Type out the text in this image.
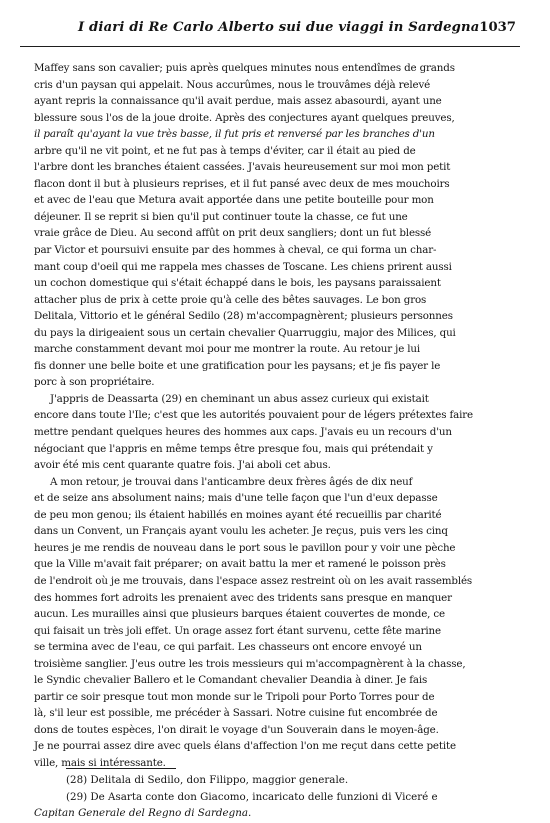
I diari di Re Carlo Alberto sui due viaggi in Sardegna 1037
Maffey sans son cavalier; puis après quelques minutes nous entendîmes de grands
cris d'un paysan qui appelait. Nous accurûmes, nous le trouvâmes déjà relevé
ayant repris la connaissance qu'il avait perdue, mais assez abasourdi, ayant une
blessure sous l'os de la joue droite. Après des conjectures ayant quelques preuves,
il paraît qu'ayant la vue très basse, il fut pris et renversé par les branches d'un
arbre qu'il ne vit point, et ne fut pas à temps d'éviter, car il était au pied de
l'arbre dont les branches étaient cassées. J'avais heureusement sur moi mon petit
flacon dont il but à plusieurs reprises, et il fut pansé avec deux de mes mouchoirs
et avec de l'eau que Metura avait apportée dans une petite bouteille pour mon
déjeuner. Il se reprit si bien qu'il put continuer toute la chasse, ce fut une
vraie grâce de Dieu. Au second affût on prit deux sangliers; dont un fut blessé
par Victor et poursuivi ensuite par des hommes à cheval, ce qui forma un char-
mant coup d'oeil qui me rappela mes chasses de Toscane. Les chiens prirent aussi
un cochon domestique qui s'était échappé dans le bois, les paysans paraissaient
attacher plus de prix à cette proie qu'à celle des bêtes sauvages. Le bon gros
Delitala, Vittorio et le général Sedilo (28) m'accompagnèrent; plusieurs personnes
du pays la dirigeaient sous un certain chevalier Quarruggiu, major des Milices, qui
marche constamment devant moi pour me montrer la route. Au retour je lui
fis donner une belle boite et une gratification pour les paysans; et je fis payer le
porc à son propriétaire.
J'appris de Deassarta (29) en cheminant un abus assez curieux qui existait
encore dans toute l'Ile; c'est que les autorités pouvaient pour de légers prétextes faire
mettre pendant quelques heures des hommes aux caps. J'avais eu un recours d'un
négociant que l'appris en même temps être presque fou, mais qui prétendait y
avoir été mis cent quarante quatre fois. J'ai aboli cet abus.
A mon retour, je trouvai dans l'anticambre deux frères âgés de dix neuf
et de seize ans absolument nains; mais d'une telle façon que l'un d'eux depasse
de peu mon genou; ils étaient habillés en moines ayant été recueillis par charité
dans un Convent, un Français ayant voulu les acheter. Je reçus, puis vers les cinq
heures je me rendis de nouveau dans le port sous le pavillon pour y voir une pèche
que la Ville m'avait fait préparer; on avait battu la mer et ramené le poisson près
de l'endroit où je me trouvais, dans l'espace assez restreint où on les avait rassemblés
des hommes fort adroits les prenaient avec des tridents sans presque en manquer
aucun. Les murailles ainsi que plusieurs barques étaient couvertes de monde, ce
qui faisait un très joli effet. Un orage assez fort étant survenu, cette fête marine
se termina avec de l'eau, ce qui parfait. Les chasseurs ont encore envoyé un
troisième sanglier. J'eus outre les trois messieurs qui m'accompagnèrent à la chasse,
le Syndic chevalier Ballero et le Comandant chevalier Deandia à diner. Je fais
partir ce soir presque tout mon monde sur le Tripoli pour Porto Torres pour de
là, s'il leur est possible, me précéder à Sassari. Notre cuisine fut encombrée de
dons de toutes espèces, l'on dirait le voyage d'un Souverain dans le moyen-âge.
Je ne pourrai assez dire avec quels élans d'affection l'on me reçut dans cette petite
ville, mais si intéressante.
(28) Delitala di Sedilo, don Filippo, maggior generale.
(29) De Asarta conte don Giacomo, incaricato delle funzioni di Viceré e
Capitan Generale del Regno di Sardegna.
